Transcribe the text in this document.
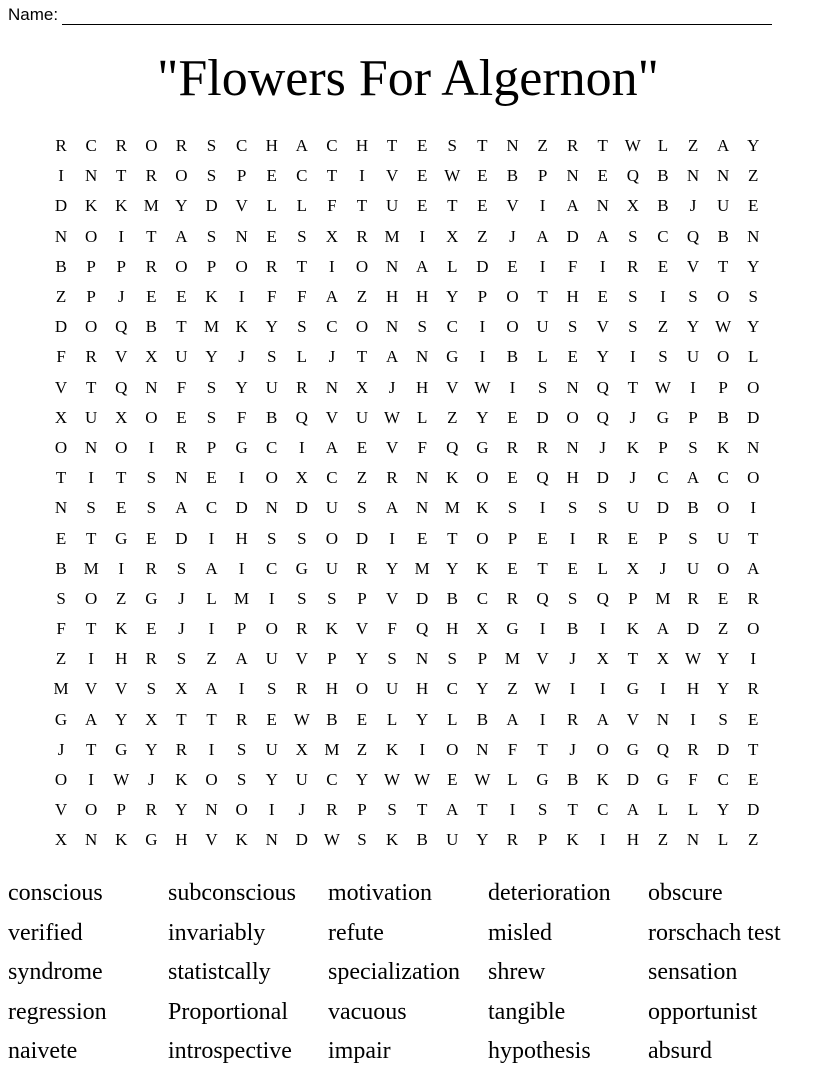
Name:
"Flowers For Algernon"
R	C	R	O	R	S	C	H	A	C	H	T	E	S	T	N	Z	R	T W L	Z	A	Y
I	N	T	R	O	S	P	E	C	T	I	V	E W E	B	P	N	E	Q	B	N	N	Z
D	K	K M Y	D	V	L	L	F	T	U	E	T	E	V	I	A	N	X	B	J	U	E
N	O	I	T	A	S	N	E	S	X	R M	I	X	Z	J	A	D	A	S	C	Q	B	N
B	P	P	R	O	P	O	R	T	I	O	N	A	L	D	E	I	F	I	R	E	V	T	Y
Z	P	J	E	E	K	I	F	F	A	Z	H	H	Y	P	O	T	H	E	S	I	S	O	S
D	O	Q	B	T	M K	Y	S	C	O	N	S	C	I	O	U	S	V	S	Z	Y W Y
F	R	V	X	U	Y	J	S	L	J	T	A	N	G	I	B	L	E	Y	I	S	U	O	L
V	T	Q	N	F	S	Y	U	R	N	X	J	H	V W	I	S	N	Q	T W	I	P	O
X	U	X	O	E	S	F	B	Q	V	U W L	Z	Y	E	D	O	Q	J	G	P	B	D
O	N	O	I	R	P	G	C	I	A	E	V	F	Q	G	R	R	N	J	K	P	S	K	N
T	I	T	S	N	E	I	O	X	C	Z	R	N	K	O	E	Q	H	D	J	C	A	C	O
N	S	E	S	A	C	D	N	D	U	S	A	N M K	S	I	S	S	U	D	B	O	I
E	T	G	E	D	I	H	S	S	O	D	I	E	T	O	P	E	I	R	E	P	S	U	T
B M	I	R	S	A	I	C	G	U	R	Y M Y	K	E	T	E	L	X	J	U	O	A
S	O	Z	G	J	L	M	I	S	S	P	V	D	B	C	R	Q	S	Q	P	M R	E	R
F	T	K	E	J	I	P	O	R	K	V	F	Q	H	X	G	I	B	I	K	A	D	Z	O
Z	I	H	R	S	Z	A	U	V	P	Y	S	N	S	P	M V	J	X	T	X W Y	I
M V	V	S	X	A	I	S	R	H	O	U	H	C	Y	Z W	I	I	G	I	H	Y	R
G	A	Y	X	T	T	R	E W B	E	L	Y	L	B	A	I	R	A	V	N	I	S	E
J	T	G	Y	R	I	S	U	X M	Z	K	I	O	N	F	T	J	O	G	Q	R	D	T
O	I	W	J	K	O	S	Y	U	C	Y W W E W L	G	B	K	D	G	F	C	E
V	O	P	R	Y	N	O	I	J	R	P	S	T	A	T	I	S	T	C	A	L	L	Y	D
X	N	K	G	H	V	K	N	D W	S	K	B	U	Y	R	P	K	I	H	Z	N	L	Z
conscious	subconscious	motivation	deterioration	obscure
verified	invariably	refute	misled	rorschach test
syndrome	statistcally	specialization	shrew	sensation
regression	Proportional	vacuous	tangible	opportunist
naivete	introspective	impair	hypothesis	absurd
